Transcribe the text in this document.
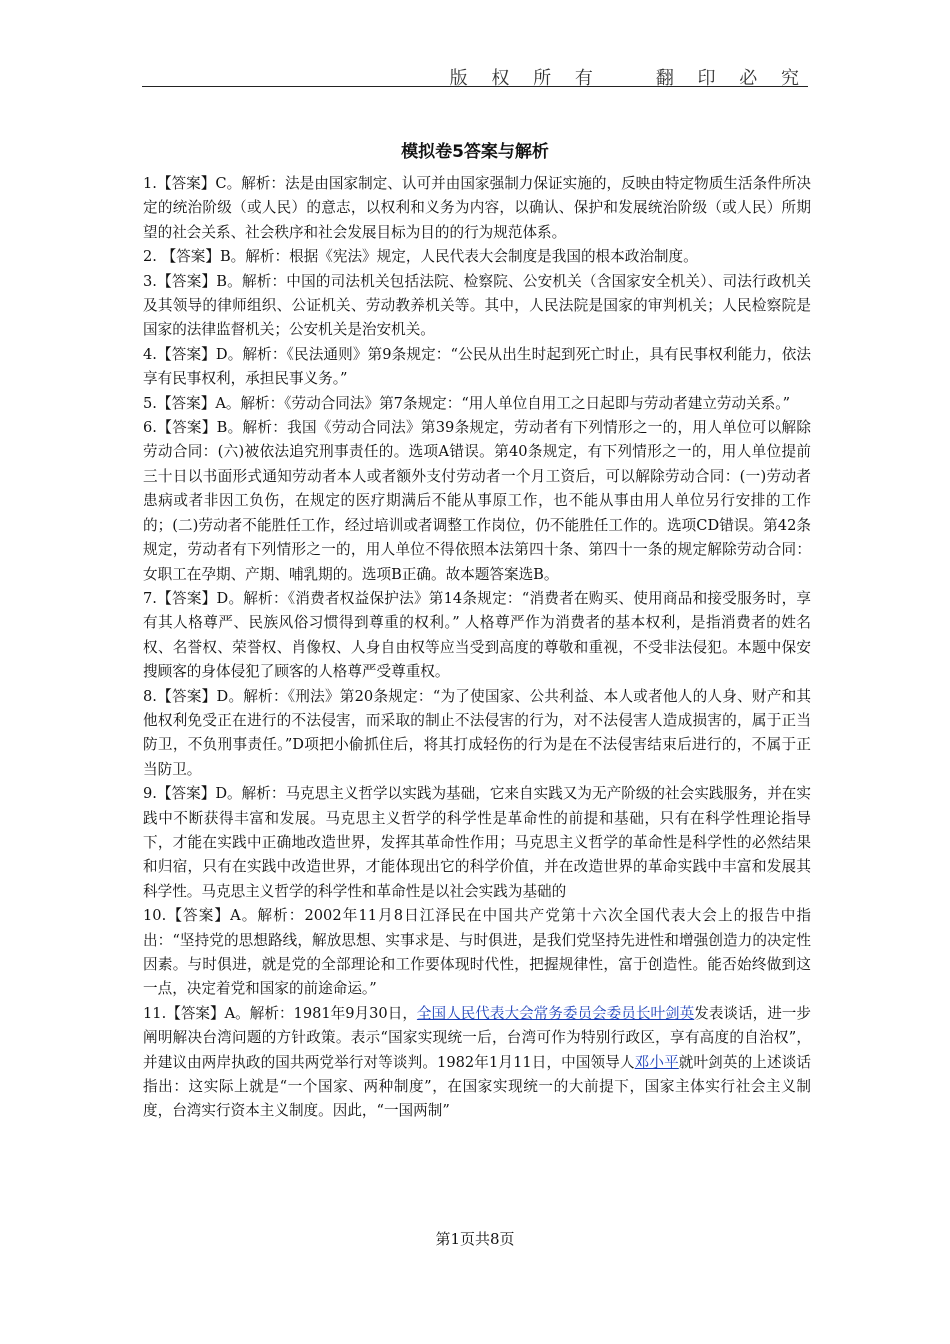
版 权 所 有　　翻 印 必 究
模拟卷5答案与解析

1.【答案】C。解析：法是由国家制定、认可并由国家强制力保证实施的，反映由特定物质生活条件所决定的统治阶级（或人民）的意志，以权利和义务为内容，以确认、保护和发展统治阶级（或人民）所期望的社会关系、社会秩序和社会发展目标为目的的行为规范体系。

2. 【答案】B。解析：根据《宪法》规定，人民代表大会制度是我国的根本政治制度。

3.【答案】B。解析：中国的司法机关包括法院、检察院、公安机关（含国家安全机关）、司法行政机关及其领导的律师组织、公证机关、劳动教养机关等。其中，人民法院是国家的审判机关；人民检察院是国家的法律监督机关；公安机关是治安机关。

4.【答案】D。解析：《民法通则》第9条规定：“公民从出生时起到死亡时止，具有民事权利能力，依法享有民事权利，承担民事义务。”

5.【答案】A。解析：《劳动合同法》第7条规定：“用人单位自用工之日起即与劳动者建立劳动关系。”

6.【答案】B。解析：我国《劳动合同法》第39条规定，劳动者有下列情形之一的，用人单位可以解除劳动合同：(六)被依法追究刑事责任的。选项A错误。第40条规定，有下列情形之一的，用人单位提前三十日以书面形式通知劳动者本人或者额外支付劳动者一个月工资后，可以解除劳动合同：(一)劳动者患病或者非因工负伤，在规定的医疗期满后不能从事原工作，也不能从事由用人单位另行安排的工作的；(二)劳动者不能胜任工作，经过培训或者调整工作岗位，仍不能胜任工作的。选项CD错误。第42条规定，劳动者有下列情形之一的，用人单位不得依照本法第四十条、第四十一条的规定解除劳动合同：女职工在孕期、产期、哺乳期的。选项B正确。故本题答案选B。

7.【答案】D。解析：《消费者权益保护法》第14条规定：“消费者在购买、使用商品和接受服务时，享有其人格尊严、民族风俗习惯得到尊重的权利。” 人格尊严作为消费者的基本权利，是指消费者的姓名权、名誉权、荣誉权、肖像权、人身自由权等应当受到高度的尊敬和重视，不受非法侵犯。本题中保安搜顾客的身体侵犯了顾客的人格尊严受尊重权。

8.【答案】D。解析：《刑法》第20条规定：“为了使国家、公共利益、本人或者他人的人身、财产和其他权利免受正在进行的不法侵害，而采取的制止不法侵害的行为，对不法侵害人造成损害的，属于正当防卫，不负刑事责任。”D项把小偷抓住后，将其打成轻伤的行为是在不法侵害结束后进行的，不属于正当防卫。

9.【答案】D。解析：马克思主义哲学以实践为基础，它来自实践又为无产阶级的社会实践服务，并在实践中不断获得丰富和发展。马克思主义哲学的科学性是革命性的前提和基础，只有在科学性理论指导下，才能在实践中正确地改造世界，发挥其革命性作用；马克思主义哲学的革命性是科学性的必然结果和归宿，只有在实践中改造世界，才能体现出它的科学价值，并在改造世界的革命实践中丰富和发展其科学性。马克思主义哲学的科学性和革命性是以社会实践为基础的

10.【答案】A。解析：2002年11月8日江泽民在中国共产党第十六次全国代表大会上的报告中指出：“坚持党的思想路线，解放思想、实事求是、与时俱进，是我们党坚持先进性和增强创造力的决定性因素。与时俱进，就是党的全部理论和工作要体现时代性，把握规律性，富于创造性。能否始终做到这一点，决定着党和国家的前途命运。”

11.【答案】A。解析：1981年9月30日，全国人民代表大会常务委员会委员长叶剑英发表谈话，进一步阐明解决台湾问题的方针政策。表示“国家实现统一后，台湾可作为特别行政区，享有高度的自治权”，并建议由两岸执政的国共两党举行对等谈判。1982年1月11日，中国领导人邓小平就叶剑英的上述谈话指出：这实际上就是“一个国家、两种制度”，在国家实现统一的大前提下，国家主体实行社会主义制度，台湾实行资本主义制度。因此，“一国两制”

第1页共8页
